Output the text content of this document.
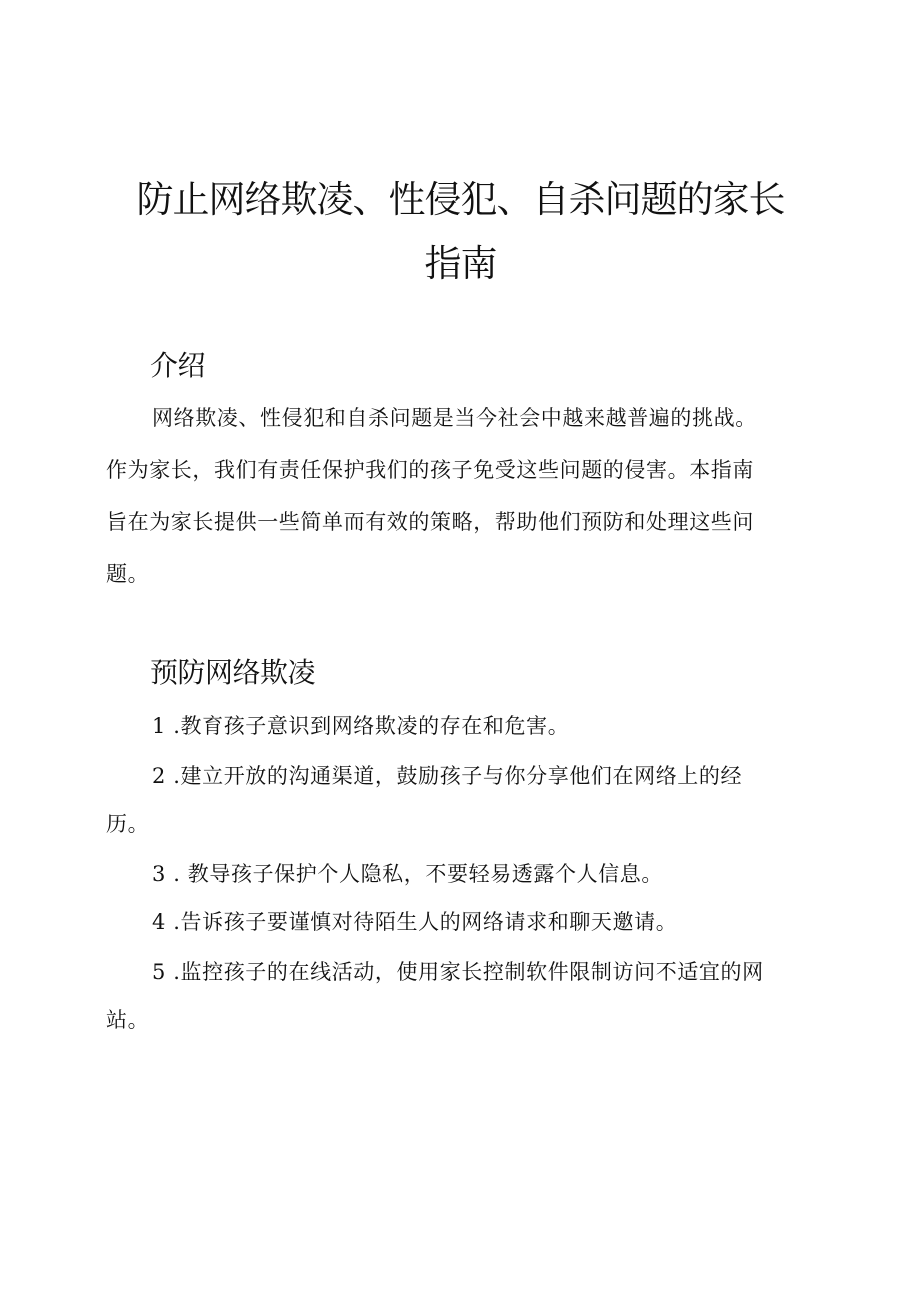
防止网络欺凌、性侵犯、自杀问题的家长
指南
介绍

网络欺凌、性侵犯和自杀问题是当今社会中越来越普遍的挑战。
作为家长，我们有责任保护我们的孩子免受这些问题的侵害。本指南
旨在为家长提供一些简单而有效的策略，帮助他们预防和处理这些问
题。

预防网络欺凌
1 .教育孩子意识到网络欺凌的存在和危害。
2 .建立开放的沟通渠道，鼓励孩子与你分享他们在网络上的经
历。
3 . 教导孩子保护个人隐私，不要轻易透露个人信息。
4 .告诉孩子要谨慎对待陌生人的网络请求和聊天邀请。
5 .监控孩子的在线活动，使用家长控制软件限制访问不适宜的网
站。
